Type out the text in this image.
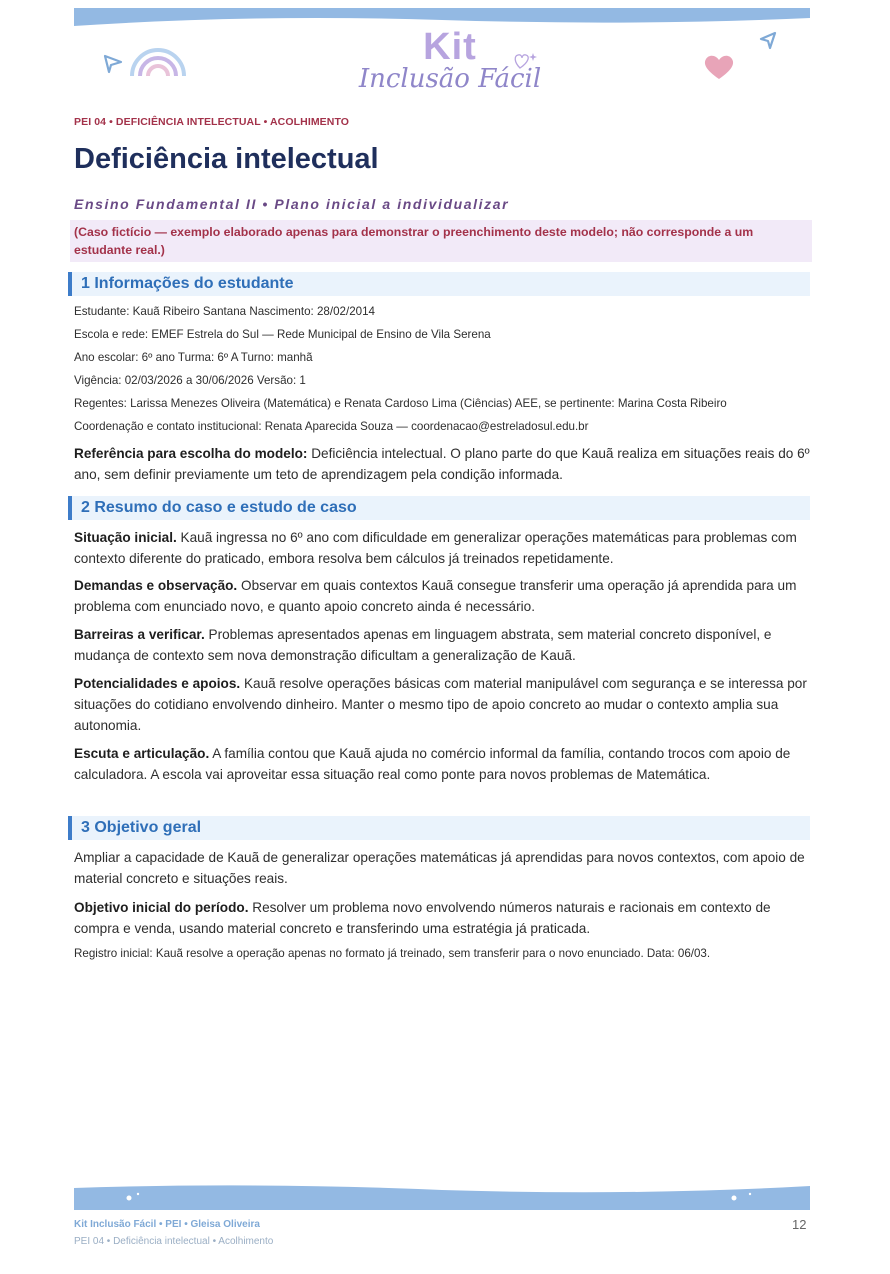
Kit
Inclusão Fácil
PEI 04 • DEFICIÊNCIA INTELECTUAL • ACOLHIMENTO
Deficiência intelectual
Ensino Fundamental II • Plano inicial a individualizar
(Caso fictício — exemplo elaborado apenas para demonstrar o preenchimento deste modelo; não corresponde a um estudante real.)
1 Informações do estudante
Estudante: Kauã Ribeiro Santana Nascimento: 28/02/2014
Escola e rede: EMEF Estrela do Sul — Rede Municipal de Ensino de Vila Serena
Ano escolar: 6º ano Turma: 6º A Turno: manhã
Vigência: 02/03/2026 a 30/06/2026 Versão: 1
Regentes: Larissa Menezes Oliveira (Matemática) e Renata Cardoso Lima (Ciências) AEE, se pertinente: Marina Costa Ribeiro
Coordenação e contato institucional: Renata Aparecida Souza — coordenacao@estreladosul.edu.br
Referência para escolha do modelo: Deficiência intelectual. O plano parte do que Kauã realiza em situações reais do 6º ano, sem definir previamente um teto de aprendizagem pela condição informada.
2 Resumo do caso e estudo de caso
Situação inicial. Kauã ingressa no 6º ano com dificuldade em generalizar operações matemáticas para problemas com contexto diferente do praticado, embora resolva bem cálculos já treinados repetidamente.
Demandas e observação. Observar em quais contextos Kauã consegue transferir uma operação já aprendida para um problema com enunciado novo, e quanto apoio concreto ainda é necessário.
Barreiras a verificar. Problemas apresentados apenas em linguagem abstrata, sem material concreto disponível, e mudança de contexto sem nova demonstração dificultam a generalização de Kauã.
Potencialidades e apoios. Kauã resolve operações básicas com material manipulável com segurança e se interessa por situações do cotidiano envolvendo dinheiro. Manter o mesmo tipo de apoio concreto ao mudar o contexto amplia sua autonomia.
Escuta e articulação. A família contou que Kauã ajuda no comércio informal da família, contando trocos com apoio de calculadora. A escola vai aproveitar essa situação real como ponte para novos problemas de Matemática.
3 Objetivo geral
Ampliar a capacidade de Kauã de generalizar operações matemáticas já aprendidas para novos contextos, com apoio de material concreto e situações reais.
Objetivo inicial do período. Resolver um problema novo envolvendo números naturais e racionais em contexto de compra e venda, usando material concreto e transferindo uma estratégia já praticada.
Registro inicial: Kauã resolve a operação apenas no formato já treinado, sem transferir para o novo enunciado. Data: 06/03.
Kit Inclusão Fácil • PEI • Gleisa Oliveira
PEI 04 • Deficiência intelectual • Acolhimento
12
